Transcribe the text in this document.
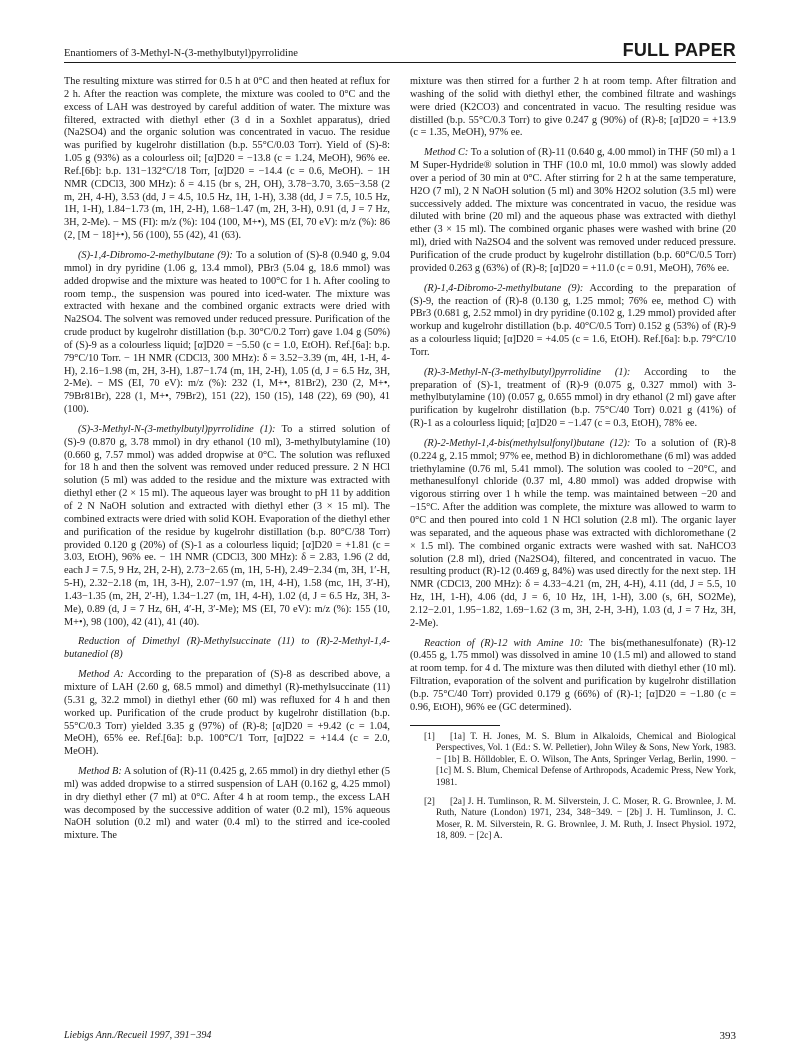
Enantiomers of 3-Methyl-N-(3-methylbutyl)pyrrolidine	FULL PAPER

The resulting mixture was stirred for 0.5 h at 0°C and then heated at reflux for 2 h. After the reaction was complete, the mixture was cooled to 0°C and the excess of LAH was destroyed by careful addition of water. The mixture was filtered, extracted with diethyl ether (3 d in a Soxhlet apparatus), dried (Na2SO4) and the organic solution was concentrated in vacuo. The residue was purified by kugelrohr distillation (b.p. 55°C/0.03 Torr). Yield of (S)-8: 1.05 g (93%) as a colourless oil; [α]D20 = −13.8 (c = 1.24, MeOH), 96% ee. Ref.[6b]: b.p. 131−132°C/18 Torr, [α]D20 = −14.4 (c = 0.6, MeOH). − 1H NMR (CDCl3, 300 MHz): δ = 4.15 (br s, 2H, OH), 3.78−3.70, 3.65−3.58 (2 m, 2H, 4-H), 3.53 (dd, J = 4.5, 10.5 Hz, 1H, 1-H), 3.38 (dd, J = 7.5, 10.5 Hz, 1H, 1-H), 1.84−1.73 (m, 1H, 2-H), 1.68−1.47 (m, 2H, 3-H), 0.91 (d, J = 7 Hz, 3H, 2-Me). − MS (FI): m/z (%): 104 (100, M+•), MS (EI, 70 eV): m/z (%): 86 (2, [M − 18]+•), 56 (100), 55 (42), 41 (63).

(S)-1,4-Dibromo-2-methylbutane (9): To a solution of (S)-8 (0.940 g, 9.04 mmol) in dry pyridine (1.06 g, 13.4 mmol), PBr3 (5.04 g, 18.6 mmol) was added dropwise and the mixture was heated to 100°C for 1 h. After cooling to room temp., the suspension was poured into iced-water. The mixture was extracted with hexane and the combined organic extracts were dried with Na2SO4. The solvent was removed under reduced pressure. Purification of the crude product by kugelrohr distillation (b.p. 30°C/0.2 Torr) gave 1.04 g (50%) of (S)-9 as a colourless liquid; [α]D20 = −5.50 (c = 1.0, EtOH). Ref.[6a]: b.p. 79°C/10 Torr. − 1H NMR (CDCl3, 300 MHz): δ = 3.52−3.39 (m, 4H, 1-H, 4-H), 2.16−1.98 (m, 2H, 3-H), 1.87−1.74 (m, 1H, 2-H), 1.05 (d, J = 6.5 Hz, 3H, 2-Me). − MS (EI, 70 eV): m/z (%): 232 (1, M+•, 81Br2), 230 (2, M+•, 79Br81Br), 228 (1, M+•, 79Br2), 151 (22), 150 (15), 148 (22), 69 (90), 41 (100).

(S)-3-Methyl-N-(3-methylbutyl)pyrrolidine (1): To a stirred solution of (S)-9 (0.870 g, 3.78 mmol) in dry ethanol (10 ml), 3-methylbutylamine (10) (0.660 g, 7.57 mmol) was added dropwise at 0°C. The solution was refluxed for 18 h and then the solvent was removed under reduced pressure. 2 N HCl solution (5 ml) was added to the residue and the mixture was extracted with diethyl ether (2 × 15 ml). The aqueous layer was brought to pH 11 by addition of 2 N NaOH solution and extracted with diethyl ether (3 × 15 ml). The combined extracts were dried with solid KOH. Evaporation of the diethyl ether and purification of the residue by kugelrohr distillation (b.p. 80°C/38 Torr) provided 0.120 g (20%) of (S)-1 as a colourless liquid; [α]D20 = +1.81 (c = 3.03, EtOH), 96% ee. − 1H NMR (CDCl3, 300 MHz): δ = 2.83, 1.96 (2 dd, each J = 7.5, 9 Hz, 2H, 2-H), 2.73−2.65 (m, 1H, 5-H), 2.49−2.34 (m, 3H, 1′-H, 5-H), 2.32−2.18 (m, 1H, 3-H), 2.07−1.97 (m, 1H, 4-H), 1.58 (mc, 1H, 3′-H), 1.43−1.35 (m, 2H, 2′-H), 1.34−1.27 (m, 1H, 4-H), 1.02 (d, J = 6.5 Hz, 3H, 3-Me), 0.89 (d, J = 7 Hz, 6H, 4′-H, 3′-Me); MS (EI, 70 eV): m/z (%): 155 (10, M+•), 98 (100), 42 (41), 41 (40).

Reduction of Dimethyl (R)-Methylsuccinate (11) to (R)-2-Methyl-1,4-butanediol (8)

Method A: According to the preparation of (S)-8 as described above, a mixture of LAH (2.60 g, 68.5 mmol) and dimethyl (R)-methylsuccinate (11) (5.31 g, 32.2 mmol) in diethyl ether (60 ml) was refluxed for 4 h and then worked up. Purification of the crude product by kugelrohr distillation (b.p. 55°C/0.3 Torr) yielded 3.35 g (97%) of (R)-8; [α]D20 = +9.42 (c = 1.04, MeOH), 65% ee. Ref.[6a]: b.p. 100°C/1 Torr, [α]D22 = +14.4 (c = 2.0, MeOH).

Method B: A solution of (R)-11 (0.425 g, 2.65 mmol) in dry diethyl ether (5 ml) was added dropwise to a stirred suspension of LAH (0.162 g, 4.25 mmol) in dry diethyl ether (7 ml) at 0°C. After 4 h at room temp., the excess LAH was decomposed by the successive addition of water (0.2 ml), 15% aqueous NaOH solution (0.2 ml) and water (0.4 ml) to the stirred and ice-cooled mixture. The

mixture was then stirred for a further 2 h at room temp. After filtration and washing of the solid with diethyl ether, the combined filtrate and washings were dried (K2CO3) and concentrated in vacuo. The resulting residue was distilled (b.p. 55°C/0.3 Torr) to give 0.247 g (90%) of (R)-8; [α]D20 = +13.9 (c = 1.35, MeOH), 97% ee.

Method C: To a solution of (R)-11 (0.640 g, 4.00 mmol) in THF (50 ml) a 1 M Super-Hydride® solution in THF (10.0 ml, 10.0 mmol) was slowly added over a period of 30 min at 0°C. After stirring for 2 h at the same temperature, H2O (7 ml), 2 N NaOH solution (5 ml) and 30% H2O2 solution (3.5 ml) were successively added. The mixture was concentrated in vacuo, the residue was diluted with brine (20 ml) and the aqueous phase was extracted with diethyl ether (3 × 15 ml). The combined organic phases were washed with brine (20 ml), dried with Na2SO4 and the solvent was removed under reduced pressure. Purification of the crude product by kugelrohr distillation (b.p. 60°C/0.5 Torr) provided 0.263 g (63%) of (R)-8; [α]D20 = +11.0 (c = 0.91, MeOH), 76% ee.

(R)-1,4-Dibromo-2-methylbutane (9): According to the preparation of (S)-9, the reaction of (R)-8 (0.130 g, 1.25 mmol; 76% ee, method C) with PBr3 (0.681 g, 2.52 mmol) in dry pyridine (0.102 g, 1.29 mmol) provided after workup and kugelrohr distillation (b.p. 40°C/0.5 Torr) 0.152 g (53%) of (R)-9 as a colourless liquid; [α]D20 = +4.05 (c = 1.6, EtOH). Ref.[6a]: b.p. 79°C/10 Torr.

(R)-3-Methyl-N-(3-methylbutyl)pyrrolidine (1): According to the preparation of (S)-1, treatment of (R)-9 (0.075 g, 0.327 mmol) with 3-methylbutylamine (10) (0.057 g, 0.655 mmol) in dry ethanol (2 ml) gave after purification by kugelrohr distillation (b.p. 75°C/40 Torr) 0.021 g (41%) of (R)-1 as a colourless liquid; [α]D20 = −1.47 (c = 0.3, EtOH), 78% ee.

(R)-2-Methyl-1,4-bis(methylsulfonyl)butane (12): To a solution of (R)-8 (0.224 g, 2.15 mmol; 97% ee, method B) in dichloromethane (6 ml) was added triethylamine (0.76 ml, 5.41 mmol). The solution was cooled to −20°C, and methanesulfonyl chloride (0.37 ml, 4.80 mmol) was added dropwise with vigorous stirring over 1 h while the temp. was maintained between −20 and −15°C. After the addition was complete, the mixture was allowed to warm to 0°C and then poured into cold 1 N HCl solution (2.8 ml). The organic layer was separated, and the aqueous phase was extracted with dichloromethane (2 × 1.5 ml). The combined organic extracts were washed with sat. NaHCO3 solution (2.8 ml), dried (Na2SO4), filtered, and concentrated in vacuo. The resulting product (R)-12 (0.469 g, 84%) was used directly for the next step. 1H NMR (CDCl3, 200 MHz): δ = 4.33−4.21 (m, 2H, 4-H), 4.11 (dd, J = 5.5, 10 Hz, 1H, 1-H), 4.06 (dd, J = 6, 10 Hz, 1H, 1-H), 3.00 (s, 6H, SO2Me), 2.12−2.01, 1.95−1.82, 1.69−1.62 (3 m, 3H, 2-H, 3-H), 1.03 (d, J = 7 Hz, 3H, 2-Me).

Reaction of (R)-12 with Amine 10: The bis(methanesulfonate) (R)-12 (0.455 g, 1.75 mmol) was dissolved in amine 10 (1.5 ml) and allowed to stand at room temp. for 4 d. The mixture was then diluted with diethyl ether (10 ml). Filtration, evaporation of the solvent and purification by kugelrohr distillation (b.p. 75°C/40 Torr) provided 0.179 g (66%) of (R)-1; [α]D20 = −1.80 (c = 0.96, EtOH), 96% ee (GC determined).

[1] [1a] T. H. Jones, M. S. Blum in Alkaloids, Chemical and Biological Perspectives, Vol. 1 (Ed.: S. W. Pelletier), John Wiley & Sons, New York, 1983. − [1b] B. Hölldobler, E. O. Wilson, The Ants, Springer Verlag, Berlin, 1990. − [1c] M. S. Blum, Chemical Defense of Arthropods, Academic Press, New York, 1981.

[2] [2a] J. H. Tumlinson, R. M. Silverstein, J. C. Moser, R. G. Brownlee, J. M. Ruth, Nature (London) 1971, 234, 348−349. − [2b] J. H. Tumlinson, J. C. Moser, R. M. Silverstein, R. G. Brownlee, J. M. Ruth, J. Insect Physiol. 1972, 18, 809. − [2c] A.

Liebigs Ann./Recueil 1997, 391−394	393
